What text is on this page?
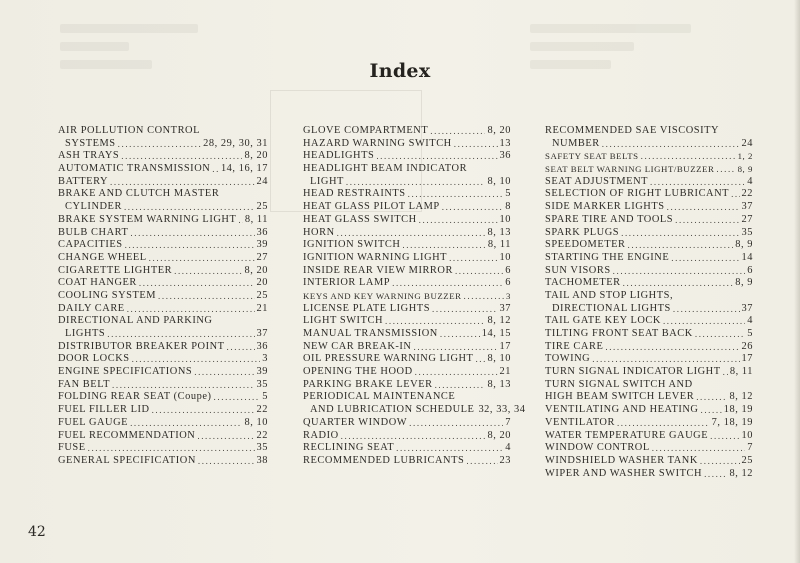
Index
AIR POLLUTION CONTROL
SYSTEMS .....	28, 29, 30, 31
ASH TRAYS .....	8, 20
AUTOMATIC TRANSMISSION ..... 14, 16, 17
BATTERY .....	24
BRAKE AND CLUTCH MASTER
CYLINDER .....	25
BRAKE SYSTEM WARNING LIGHT ..... 8, 11
BULB CHART .....	36
CAPACITIES .....	39
CHANGE WHEEL .....	27
CIGARETTE LIGHTER .....	8, 20
COAT HANGER .....	20
COOLING SYSTEM .....	25
DAILY CARE .....	21
DIRECTIONAL AND PARKING
LIGHTS .....	37
DISTRIBUTOR BREAKER POINT .....	36
DOOR LOCKS .....	3
ENGINE SPECIFICATIONS .....	39
FAN BELT .....	35
FOLDING REAR SEAT (Coupe) .....	5
FUEL FILLER LID .....	22
FUEL GAUGE .....	8, 10
FUEL RECOMMENDATION .....	22
FUSE .....	35
GENERAL SPECIFICATION .....	38
GLOVE COMPARTMENT .....	8, 20
HAZARD WARNING SWITCH .....	13
HEADLIGHTS .....	36
HEADLIGHT BEAM INDICATOR
LIGHT .....	8, 10
HEAD RESTRAINTS .....	5
HEAT GLASS PILOT LAMP .....	8
HEAT GLASS SWITCH .....	10
HORN .....	8, 13
IGNITION SWITCH .....	8, 11
IGNITION WARNING LIGHT .....	10
INSIDE REAR VIEW MIRROR .....	6
INTERIOR LAMP .....	6
KEYS AND KEY WARNING BUZZER .....	3
LICENSE PLATE LIGHTS .....	37
LIGHT SWITCH .....	8, 12
MANUAL TRANSMISSION .....	14, 15
NEW CAR BREAK-IN .....	17
OIL PRESSURE WARNING LIGHT ..... 8, 10
OPENING THE HOOD .....	21
PARKING BRAKE LEVER .....	8, 13
PERIODICAL MAINTENANCE
AND LUBRICATION SCHEDULE 32, 33, 34
QUARTER WINDOW .....	7
RADIO .....	8, 20
RECLINING SEAT .....	4
RECOMMENDED LUBRICANTS .....	23
RECOMMENDED SAE VISCOSITY
NUMBER .....	24
SAFETY SEAT BELTS .....	1, 2
SEAT BELT WARNING LIGHT/BUZZER .....	8, 9
SEAT ADJUSTMENT .....	4
SELECTION OF RIGHT LUBRICANT ..... 22
SIDE MARKER LIGHTS .....	37
SPARE TIRE AND TOOLS .....	27
SPARK PLUGS .....	35
SPEEDOMETER .....	8, 9
STARTING THE ENGINE .....	14
SUN VISORS .....	6
TACHOMETER .....	8, 9
TAIL AND STOP LIGHTS,
DIRECTIONAL LIGHTS .....	37
TAIL GATE KEY LOCK .....	4
TILTING FRONT SEAT BACK .....	5
TIRE CARE .....	26
TOWING .....	17
TURN SIGNAL INDICATOR LIGHT ..... 8, 11
TURN SIGNAL SWITCH AND
HIGH BEAM SWITCH LEVER .....	8, 12
VENTILATING AND HEATING ..... 18, 19
VENTILATOR .....	7, 18, 19
WATER TEMPERATURE GAUGE .....	10
WINDOW CONTROL .....	7
WINDSHIELD WASHER TANK .....	25
WIPER AND WASHER SWITCH .....	8, 12
42
